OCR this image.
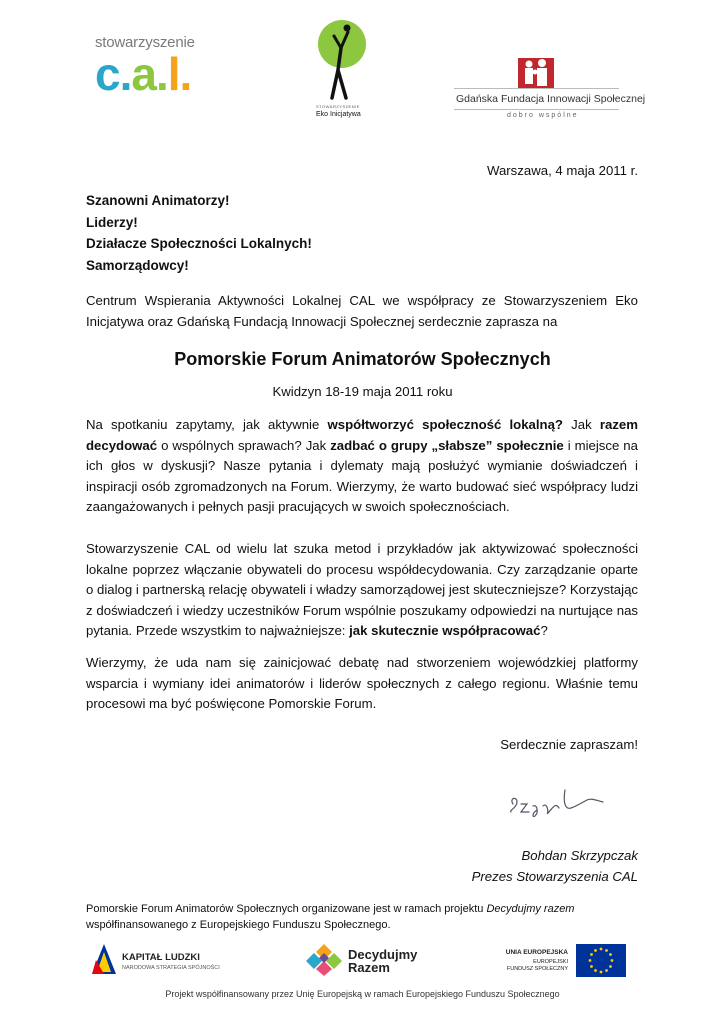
stowarzyszenie
c.a.l.
STOWARZYSZENIE
Eko Inicjatywa
Gdańska Fundacja Innowacji Społecznej
dobro wspólne
Warszawa, 4 maja 2011 r.
Szanowni Animatorzy!
Liderzy!
Działacze Społeczności Lokalnych!
Samorządowcy!
Centrum Wspierania Aktywności Lokalnej CAL we współpracy ze Stowarzyszeniem Eko Inicjatywa oraz Gdańską Fundacją Innowacji Społecznej serdecznie zaprasza na
Pomorskie Forum Animatorów Społecznych
Kwidzyn 18-19 maja 2011 roku
Na spotkaniu zapytamy, jak aktywnie współtworzyć społeczność lokalną? Jak razem decydować o wspólnych sprawach? Jak zadbać o grupy „słabsze” społecznie i miejsce na ich głos w dyskusji? Nasze pytania i dylematy mają posłużyć wymianie doświadczeń i inspiracji osób zgromadzonych na Forum. Wierzymy, że warto budować sieć współpracy ludzi zaangażowanych i pełnych pasji pracujących w swoich społecznościach.
Stowarzyszenie CAL od wielu lat szuka metod i przykładów jak aktywizować społeczności lokalne poprzez włączanie obywateli do procesu współdecydowania. Czy zarządzanie oparte o dialog i partnerską relację obywateli i władzy samorządowej jest skuteczniejsze? Korzystając z doświadczeń i wiedzy uczestników Forum wspólnie poszukamy odpowiedzi na nurtujące nas pytania. Przede wszystkim to najważniejsze: jak skutecznie współpracować?
Wierzymy, że uda nam się zainicjować debatę nad stworzeniem wojewódzkiej platformy wsparcia i wymiany idei animatorów i liderów społecznych z całego regionu. Właśnie temu procesowi ma być poświęcone Pomorskie Forum.
Serdecznie zapraszam!
Bohdan Skrzypczak
Prezes Stowarzyszenia CAL
Pomorskie Forum Animatorów Społecznych organizowane jest w ramach projektu Decydujmy razem współfinansowanego z Europejskiego Funduszu Społecznego.
KAPITAŁ LUDZKI
NARODOWA STRATEGIA SPÓJNOŚCI
Decydujmy
Razem
UNIA EUROPEJSKA
EUROPEJSKI
FUNDUSZ SPOŁECZNY
Projekt współfinansowany przez Unię Europejską w ramach Europejskiego Funduszu Społecznego
